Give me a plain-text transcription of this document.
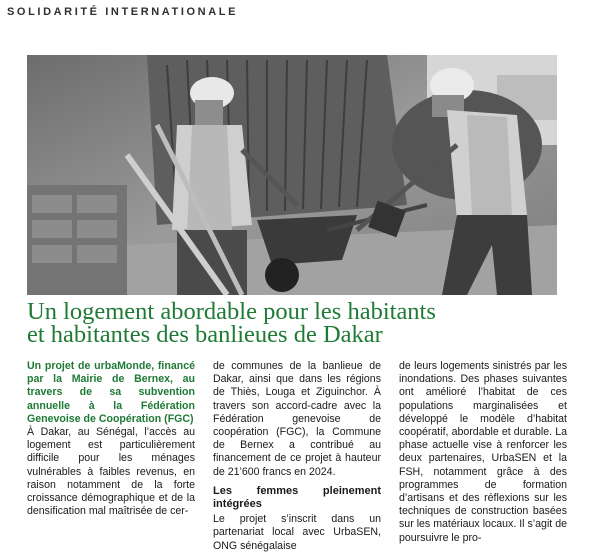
SOLIDARITÉ INTERNATIONALE
Un logement abordable pour les habitants
et habitantes des banlieues de Dakar

Un projet de urbaMonde, financé par la Mairie de Bernex, au travers de sa subvention annuelle à la Fédération Genevoise de Coopération (FGC)

À Dakar, au Sénégal, l’accès au logement est particulièrement difficile pour les ménages vulnérables à faibles revenus, en raison notamment de la forte croissance démographique et de la densification mal maîtrisée de cer-

de communes de la banlieue de Dakar, ainsi que dans les régions de Thiès, Louga et Ziguinchor. À travers son accord-cadre avec la Fédération genevoise de coopération (FGC), la Commune de Bernex a contribué au financement de ce projet à hauteur de 21’600 francs en 2024.

Les femmes pleinement intégrées

Le projet s’inscrit dans un partenariat local avec UrbaSEN, ONG sénégalaise

de leurs logements sinistrés par les inondations. Des phases suivantes ont amélioré l’habitat de ces populations marginalisées et développé le modèle d’habitat coopératif, abordable et durable. La phase actuelle vise à renforcer les deux partenaires, UrbaSEN et la FSH, notamment grâce à des programmes de formation d’artisans et des réflexions sur les techniques de construction basées sur les matériaux locaux. Il s’agit de poursuivre le pro-
